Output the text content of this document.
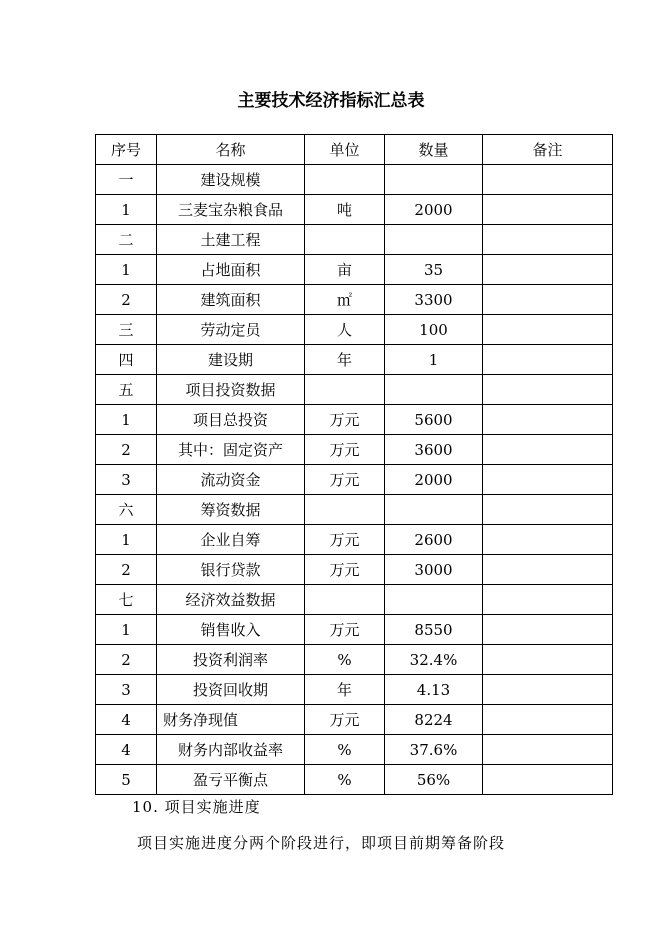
主要技术经济指标汇总表
序号	名称	单位	数量	备注
一	建设规模			
1	三麦宝杂粮食品	吨	2000	
二	土建工程			
1	占地面积	亩	35	
2	建筑面积	㎡	3300	
三	劳动定员	人	100	
四	建设期	年	1	
五	项目投资数据			
1	项目总投资	万元	5600	
2	其中：固定资产	万元	3600	
3	流动资金	万元	2000	
六	筹资数据			
1	企业自筹	万元	2600	
2	银行贷款	万元	3000	
七	经济效益数据			
1	销售收入	万元	8550	
2	投资利润率	%	32.4%	
3	投资回收期	年	4.13	
4	财务净现值	万元	8224	
4	财务内部收益率	%	37.6%	
5	盈亏平衡点	%	56%	
10. 项目实施进度
项目实施进度分两个阶段进行，即项目前期筹备阶段
